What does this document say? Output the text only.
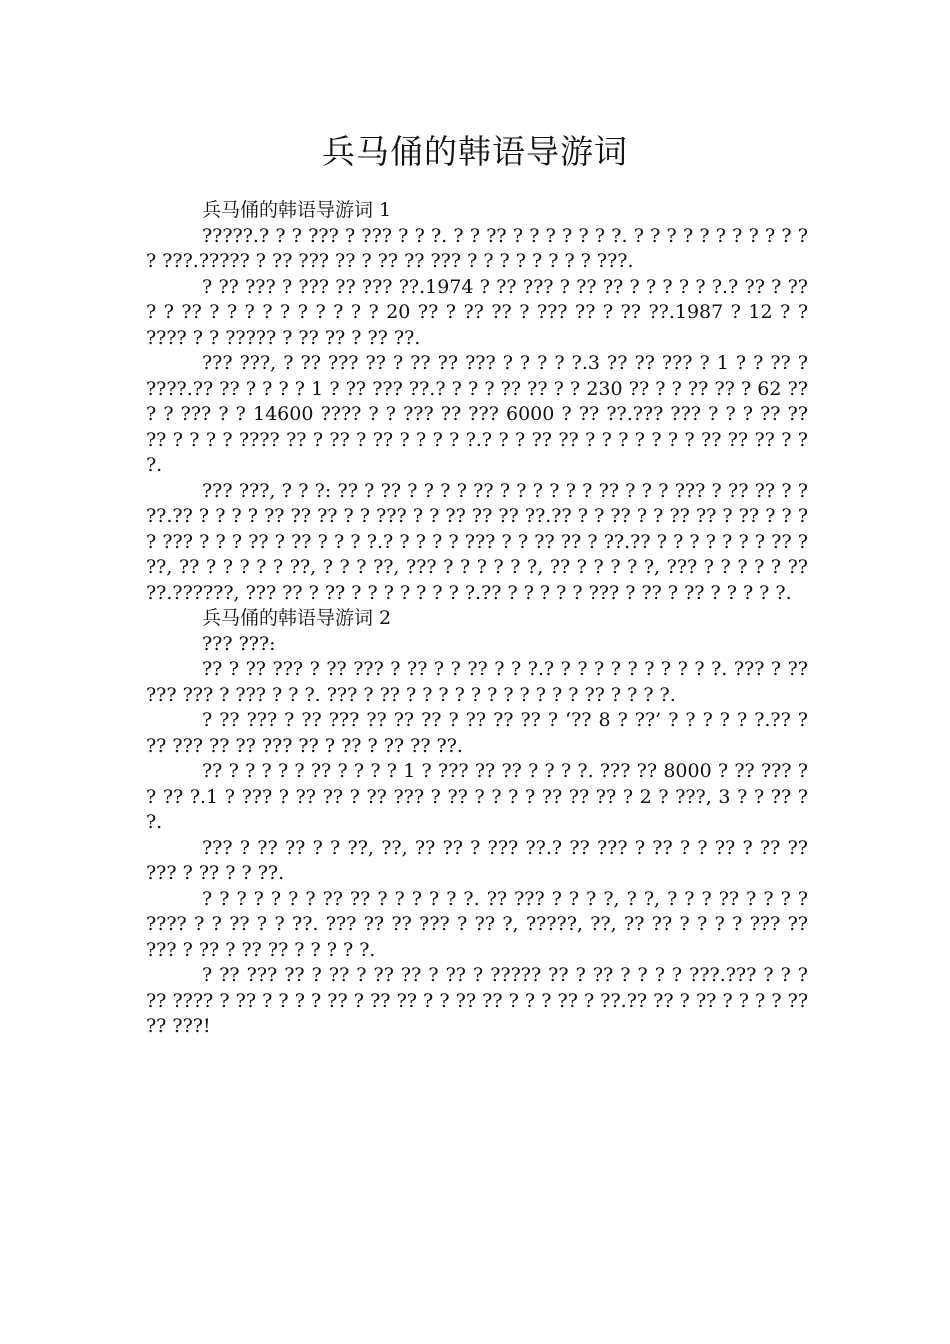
兵马俑的韩语导游词
兵马俑的韩语导游词 1

?????.? ? ? ??? ? ??? ? ? ?. ? ? ?? ? ? ? ? ? ? ?. ? ? ? ? ? ? ? ? ? ? ? ? ???.????? ? ?? ??? ?? ? ?? ?? ??? ? ? ? ? ? ? ? ? ???.

? ?? ??? ? ??? ?? ??? ??.1974 ? ?? ??? ? ?? ?? ? ? ? ? ? ?.? ?? ? ?? ? ? ?? ? ? ? ? ? ? ? ? ? ? 20 ?? ? ?? ?? ? ??? ?? ? ?? ??.1987 ? 12 ? ? ???? ? ? ????? ? ?? ?? ? ?? ??.

??? ???, ? ?? ??? ?? ? ?? ?? ??? ? ? ? ? ?.3 ?? ?? ??? ? 1 ? ? ?? ? ????.?? ?? ? ? ? ? 1 ? ?? ??? ??.? ? ? ? ?? ?? ? ? 230 ?? ? ? ?? ?? ? 62 ?? ? ? ??? ? ? 14600 ???? ? ? ??? ?? ??? 6000 ? ?? ??.??? ??? ? ? ? ?? ?? ?? ? ? ? ? ???? ?? ? ?? ? ?? ? ? ? ? ?.? ? ? ?? ?? ? ? ? ? ? ? ? ?? ?? ?? ? ? ?.

??? ???, ? ? ?: ?? ? ?? ? ? ? ? ?? ? ? ? ? ? ? ?? ? ? ? ??? ? ?? ?? ? ? ??.?? ? ? ? ? ?? ?? ?? ? ? ??? ? ? ?? ?? ?? ??.?? ? ? ?? ? ? ?? ?? ? ?? ? ? ? ? ??? ? ? ? ?? ? ?? ? ? ? ?.? ? ? ? ? ??? ? ? ?? ?? ? ??.?? ? ? ? ? ? ? ? ?? ? ??, ?? ? ? ? ? ? ??, ? ? ? ??, ??? ? ? ? ? ? ?, ?? ? ? ? ? ?, ??? ? ? ? ? ? ?? ??.??????, ??? ?? ? ?? ? ? ? ? ? ? ? ?.?? ? ? ? ? ? ??? ? ?? ? ?? ? ? ? ? ?.

兵马俑的韩语导游词 2

??? ???:

?? ? ?? ??? ? ?? ??? ? ?? ? ? ?? ? ? ?.? ? ? ? ? ? ? ? ? ? ?. ??? ? ?? ??? ??? ? ??? ? ? ?. ??? ? ?? ? ? ? ? ? ? ? ? ? ? ? ?? ? ? ? ?.

? ?? ??? ? ?? ??? ?? ?? ?? ? ?? ?? ?? ? ‘?? 8 ? ??’ ? ? ? ? ? ?.?? ? ?? ??? ?? ?? ??? ?? ? ?? ? ?? ?? ??.

?? ? ? ? ? ? ?? ? ? ? ? 1 ? ??? ?? ?? ? ? ? ?. ??? ?? 8000 ? ?? ??? ? ? ?? ?.1 ? ??? ? ?? ?? ? ?? ??? ? ?? ? ? ? ? ?? ?? ?? ? 2 ? ???, 3 ? ? ?? ? ?.

??? ? ?? ?? ? ? ??, ??, ?? ?? ? ??? ??.? ?? ??? ? ?? ? ? ?? ? ?? ?? ??? ? ?? ? ? ??.

? ? ? ? ? ? ? ?? ?? ? ? ? ? ? ?. ?? ??? ? ? ? ?, ? ?, ? ? ? ?? ? ? ? ? ???? ? ? ?? ? ? ??. ??? ?? ?? ??? ? ?? ?, ?????, ??, ?? ?? ? ? ? ? ??? ?? ??? ? ?? ? ?? ?? ? ? ? ? ?.

? ?? ??? ?? ? ?? ? ?? ?? ? ?? ? ????? ?? ? ?? ? ? ? ? ???.??? ? ? ? ?? ???? ? ?? ? ? ? ? ?? ? ?? ?? ? ? ?? ?? ? ? ? ?? ? ??.?? ?? ? ?? ? ? ? ? ?? ?? ???!
